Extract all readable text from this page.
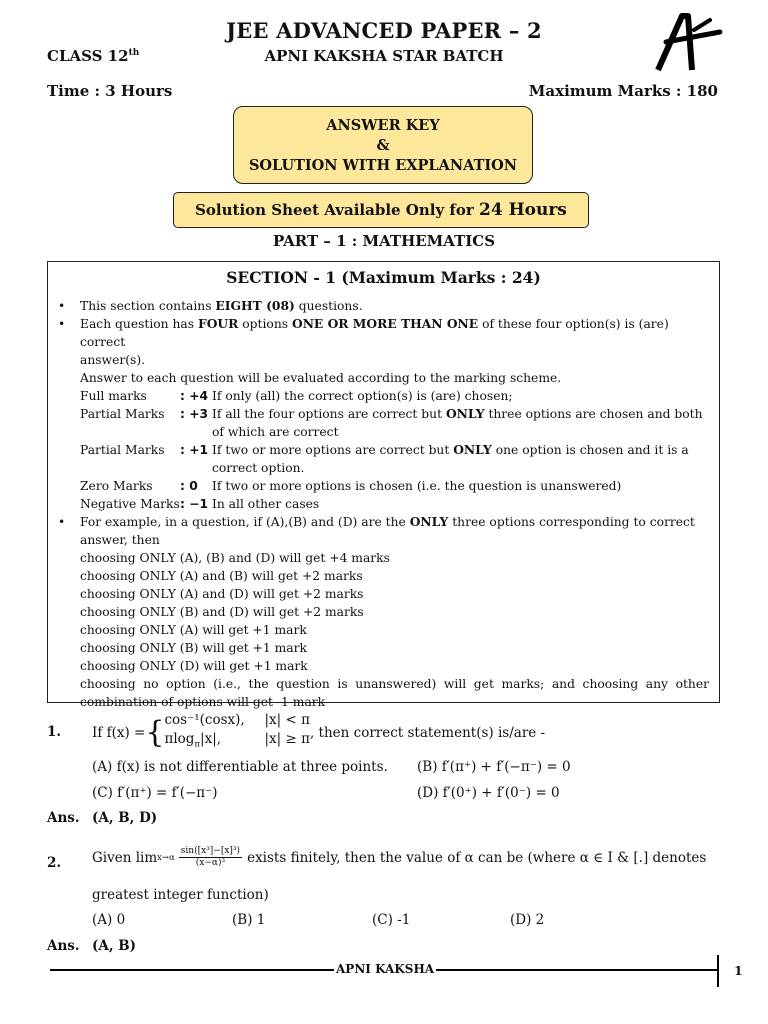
JEE ADVANCED PAPER – 2
CLASS 12th	APNI KAKSHA STAR BATCH
Time : 3 Hours	Maximum Marks : 180
ANSWER KEY
&
SOLUTION WITH EXPLANATION
Solution Sheet Available Only for 24 Hours
PART – 1 : MATHEMATICS
SECTION - 1 (Maximum Marks : 24)
• This section contains EIGHT (08) questions.
• Each question has FOUR options ONE OR MORE THAN ONE of these four option(s) is (are) correct
answer(s).
Answer to each question will be evaluated according to the marking scheme.
Full marks	: +4 If only (all) the correct option(s) is (are) chosen;
Partial Marks	: +3 If all the four options are correct but ONLY three options are chosen and both
of which are correct
Partial Marks	: +1 If two or more options are correct but ONLY one option is chosen and it is a
correct option.
Zero Marks	: 0	If two or more options is chosen (i.e. the question is unanswered)
Negative Marks : −1 In all other cases
• For example, in a question, if (A),(B) and (D) are the ONLY three options corresponding to correct
answer, then
choosing ONLY (A), (B) and (D) will get +4 marks
choosing ONLY (A) and (B) will get +2 marks
choosing ONLY (A) and (D) will get +2 marks
choosing ONLY (B) and (D) will get +2 marks
choosing ONLY (A) will get +1 mark
choosing ONLY (B) will get +1 mark
choosing ONLY (D) will get +1 mark
choosing no option (i.e., the question is unanswered) will get marks; and choosing any other
combination of options will get -1 mark
1. If f(x) = { cos⁻¹(cosx),	|x| < π
πlog$_\pi$|x|,	|x| ≥ π , then correct statement(s) is/are -
(A) f(x) is not differentiable at three points. (B) f′(π⁺) + f′(−π⁻) = 0
(C) f′(π⁺) = f′(−π⁻)	(D) f′(0⁺) + f′(0⁻) = 0
Ans. (A, B, D)
2. Given lim x→α
sin([x³]−[x]³)
(x−α)³ exists finitely, then the value of α can be (where α ∈ I & [.] denotes
greatest integer function)
(A) 0	(B) 1	(C) -1	(D) 2
Ans. (A, B)
APNI KAKSHA	1
